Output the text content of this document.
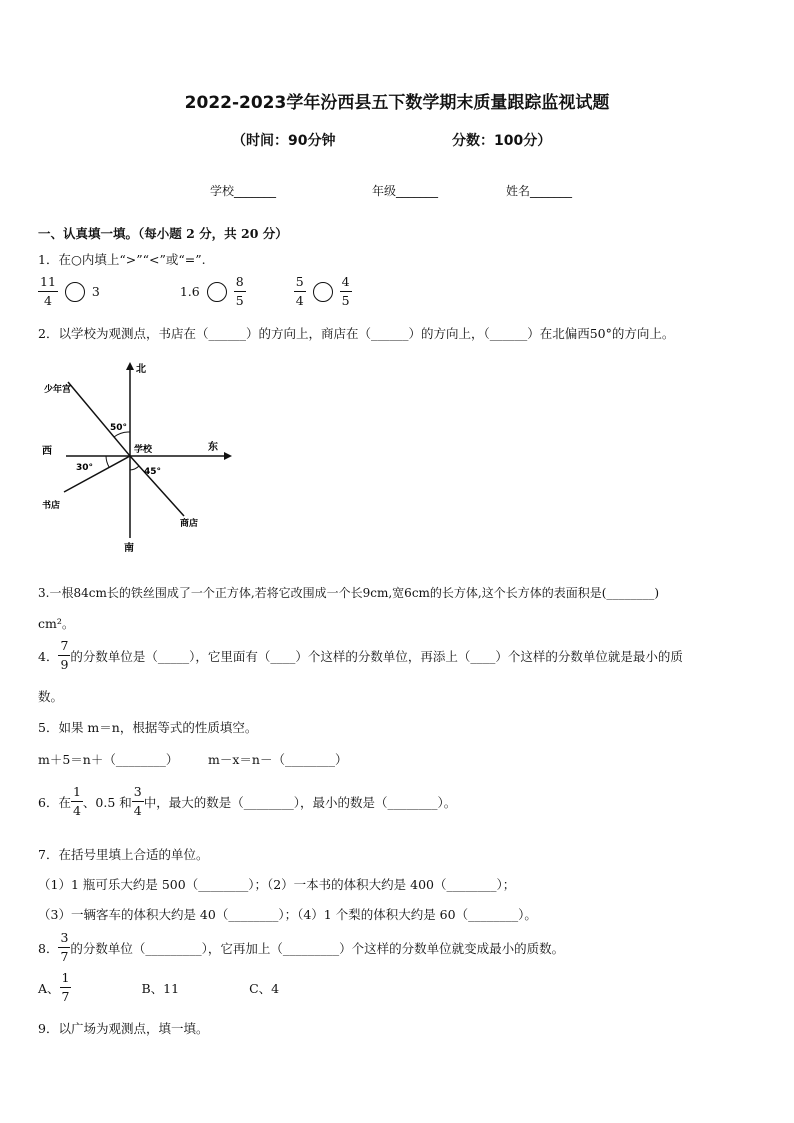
2022-2023学年汾西县五下数学期末质量跟踪监视试题
（时间：90分钟	分数：100分）
学校_______	年级_______	姓名_______
一、认真填一填。（每小题 2 分，共 20 分）
1．在○内填上“>”“<”或“=”.
$\frac{11}{4}$	3	1.6	$\frac{8}{5}$	$\frac{5}{4}$	$\frac{4}{5}$
2．以学校为观测点，书店在（______）的方向上，商店在（______）的方向上，（______）在北偏西50°的方向上。
北
南
东
西	学校
少年宫
书店
商店
50°
30°	45°
3.一根84cm长的铁丝围成了一个正方体,若将它改围成一个长9cm,宽6cm的长方体,这个长方体的表面积是(________)
cm²。
4． $\frac{7}{9}$ 的分数单位是（_____），它里面有（____）个这样的分数单位，再添上（____）个这样的分数单位就是最小的质
数。
5．如果 m＝n，根据等式的性质填空。
m＋5＝n＋（________） m－x＝n－（________）
6．在 $\frac{1}{4}$ 、0.5 和 $\frac{3}{4}$ 中，最大的数是（________），最小的数是（________）。
7．在括号里填上合适的单位。
（1）1 瓶可乐大约是 500（________）；（2）一本书的体积大约是 400（________）；
（3）一辆客车的体积大约是 40（________）；（4）1 个梨的体积大约是 60（________）。
8． $\frac{3}{7}$ 的分数单位（_________），它再加上（_________）个这样的分数单位就变成最小的质数。
A、 $\frac{1}{7}$	B、11	C、4
9．以广场为观测点，填一填。
